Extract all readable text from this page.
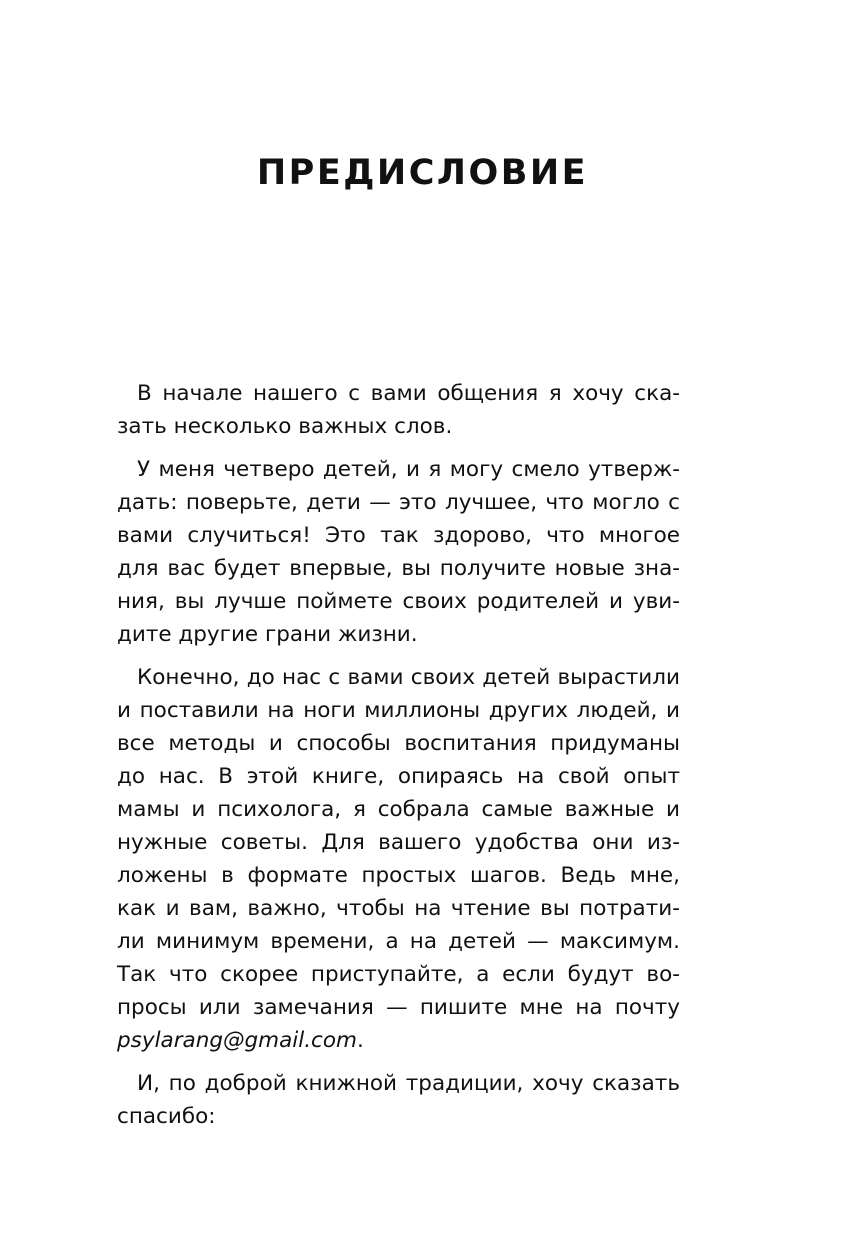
ПРЕДИСЛОВИЕ

В начале нашего с вами общения я хочу ска-
зать несколько важных слов.

У меня четверо детей, и я могу смело утверж-
дать: поверьте, дети — это лучшее, что могло с
вами случиться! Это так здорово, что многое
для вас будет впервые, вы получите новые зна-
ния, вы лучше поймете своих родителей и уви-
дите другие грани жизни.

Конечно, до нас с вами своих детей вырастили
и поставили на ноги миллионы других людей, и
все методы и способы воспитания придуманы
до нас. В этой книге, опираясь на свой опыт
мамы и психолога, я собрала самые важные и
нужные советы. Для вашего удобства они из-
ложены в формате простых шагов. Ведь мне,
как и вам, важно, чтобы на чтение вы потрати-
ли минимум времени, а на детей — максимум.
Так что скорее приступайте, а если будут во-
просы или замечания — пишите мне на почту
psylarang@gmail.com.

И, по доброй книжной традиции, хочу сказать
спасибо:
